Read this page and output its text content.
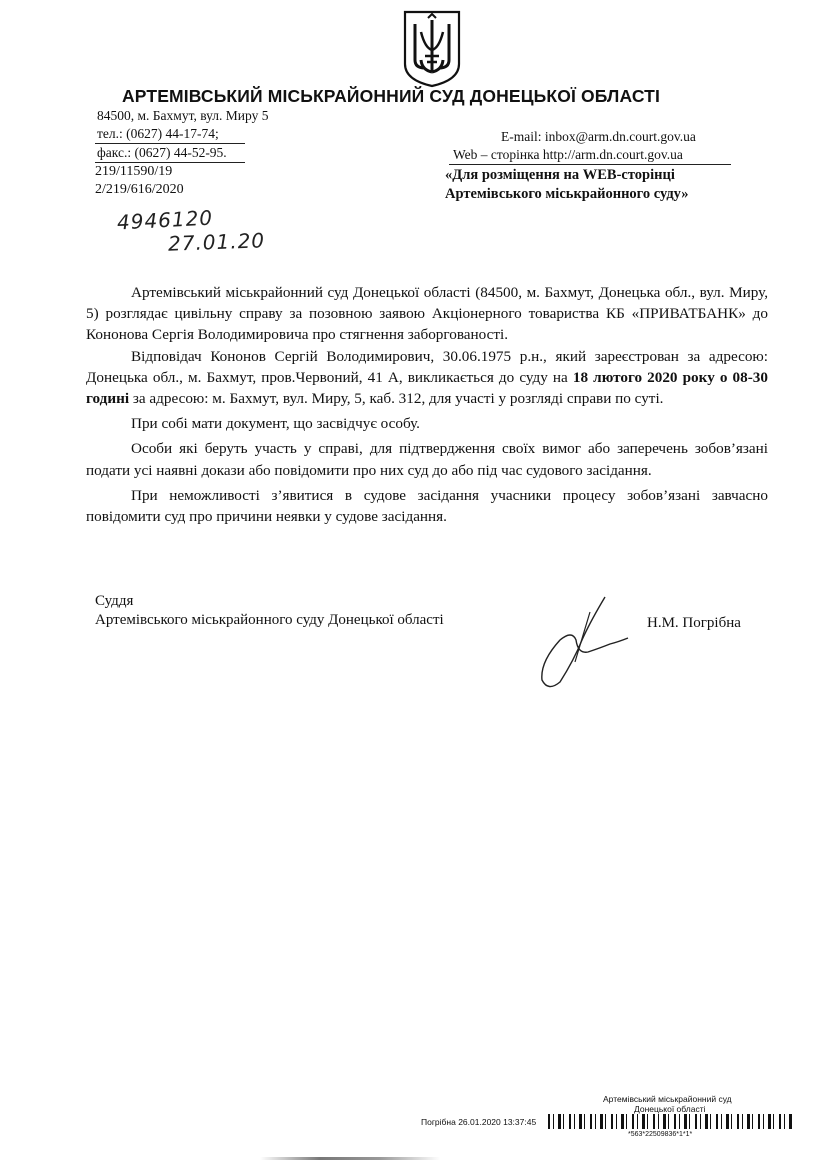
АРТЕМІВСЬКИЙ МІСЬКРАЙОННИЙ СУД ДОНЕЦЬКОЇ ОБЛАСТІ
84500, м. Бахмут, вул. Миру 5
тел.: (0627) 44-17-74;
факс.: (0627) 44-52-95.
E-mail: inbox@arm.dn.court.gov.ua
Web – сторінка http://arm.dn.court.gov.ua
219/11590/19
2/219/616/2020
«Для розміщення на WEB-сторінці
Артемівського міськрайонного суду»
4946120
27.01.20

Артемівський міськрайонний суд Донецької області (84500, м. Бахмут, Донецька обл., вул. Миру, 5) розглядає цивільну справу за позовною заявою Акціонерного товариства КБ «ПРИВАТБАНК» до Кононова Сергія Володимировича про стягнення заборгованості.

Відповідач Кононов Сергій Володимирович, 30.06.1975 р.н., який зареєстрован за адресою: Донецька обл., м. Бахмут, пров.Червоний, 41 А, викликається до суду на 18 лютого 2020 року о 08-30 годині за адресою: м. Бахмут, вул. Миру, 5, каб. 312, для участі у розгляді справи по суті.

При собі мати документ, що засвідчує особу.

Особи які беруть участь у справі, для підтвердження своїх вимог або заперечень зобов’язані подати усі наявні докази або повідомити про них суд до або під час судового засідання.

При неможливості з’явитися в судове засідання учасники процесу зобов’язані завчасно повідомити суд про причини неявки у судове засідання.

Суддя
Артемівського міськрайонного суду Донецької області	Н.М. Погрібна
Артемівський міськрайонний суд
Донецької області
Погрібна 26.01.2020 13:37:45
*563*22509836*1*1*
